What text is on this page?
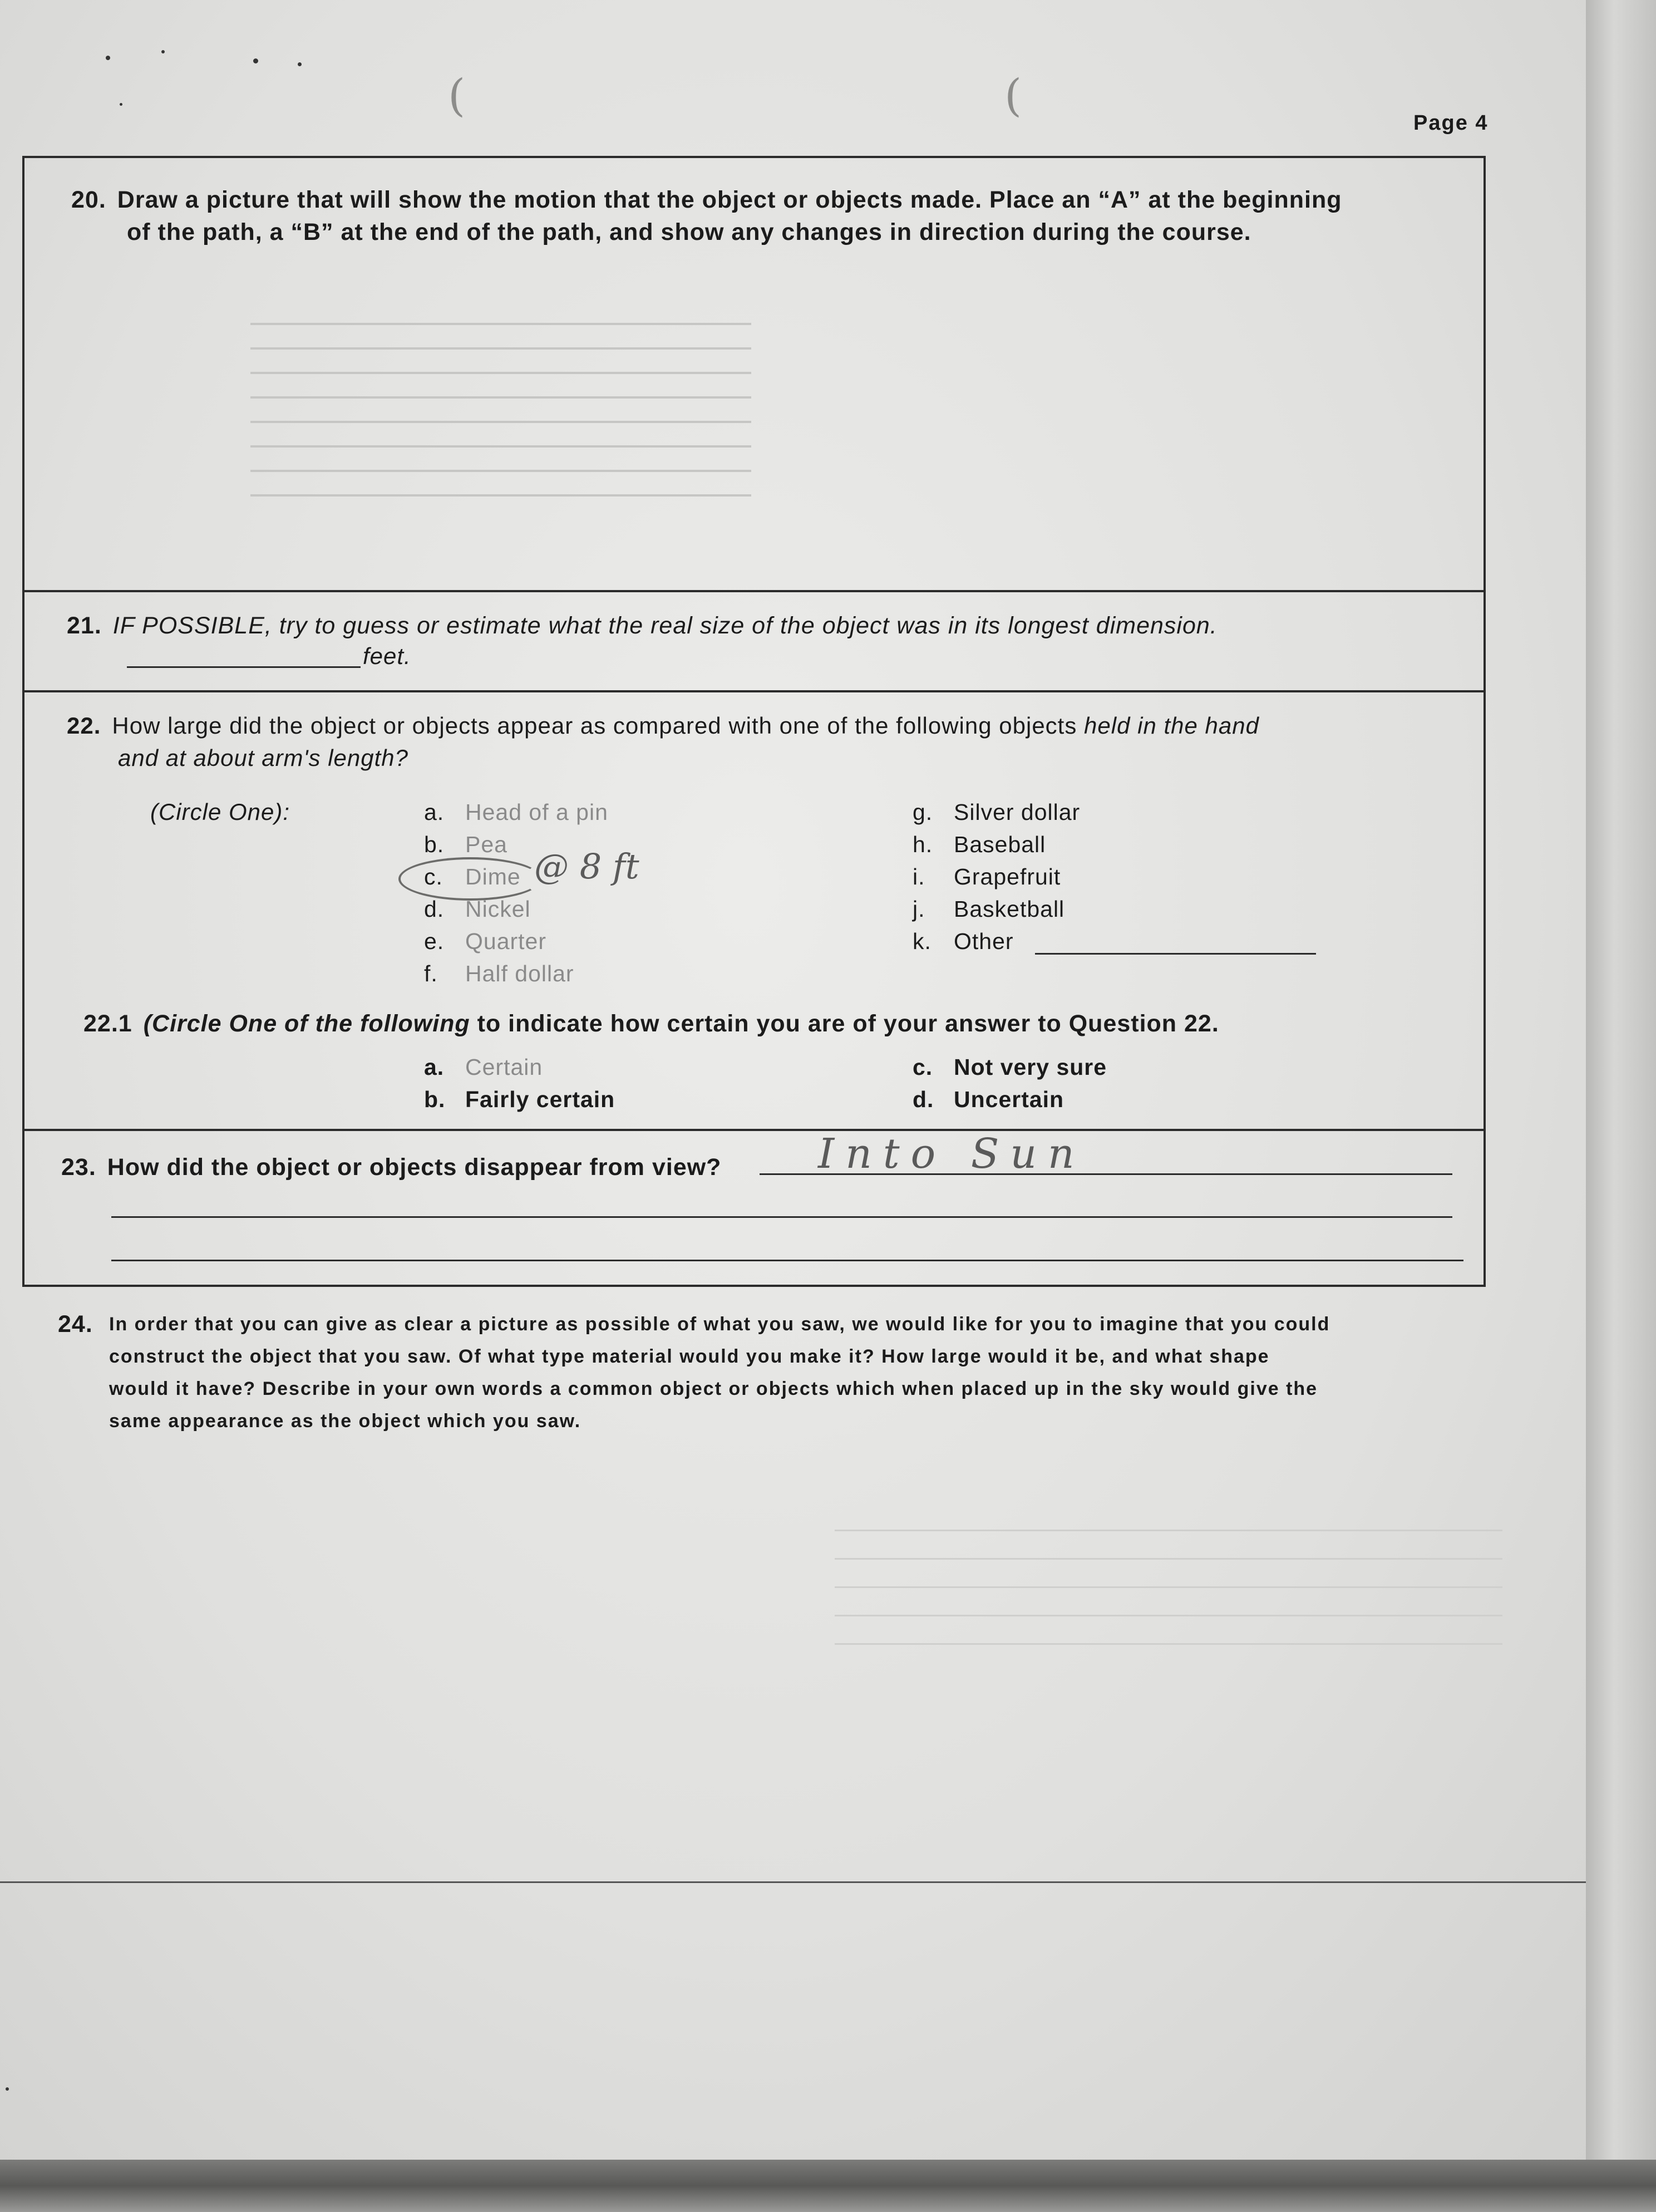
(	(
Page 4
20. Draw a picture that will show the motion that the object or objects made. Place an “A” at the beginning
of the path, a “B” at the end of the path, and show any changes in direction during the course.
21. IF POSSIBLE, try to guess or estimate what the real size of the object was in its longest dimension.
feet.
22. How large did the object or objects appear as compared with one of the following objects held in the hand
and at about arm's length?
(Circle One):	a. Head of a pin
b. Pea
c. Dime
d. Nickel
e. Quarter
f. Half dollar
g. Silver dollar
h. Baseball
i. Grapefruit
j. Basketball
k. Other
@ 8 ft
22.1 (Circle One of the following to indicate how certain you are of your answer to Question 22.
a. Certain
b. Fairly certain
c. Not very sure
d. Uncertain
23. How did the object or objects disappear from view? Into Sun
24. In order that you can give as clear a picture as possible of what you saw, we would like for you to imagine that you could
construct the object that you saw. Of what type material would you make it? How large would it be, and what shape
would it have? Describe in your own words a common object or objects which when placed up in the sky would give the
same appearance as the object which you saw.
